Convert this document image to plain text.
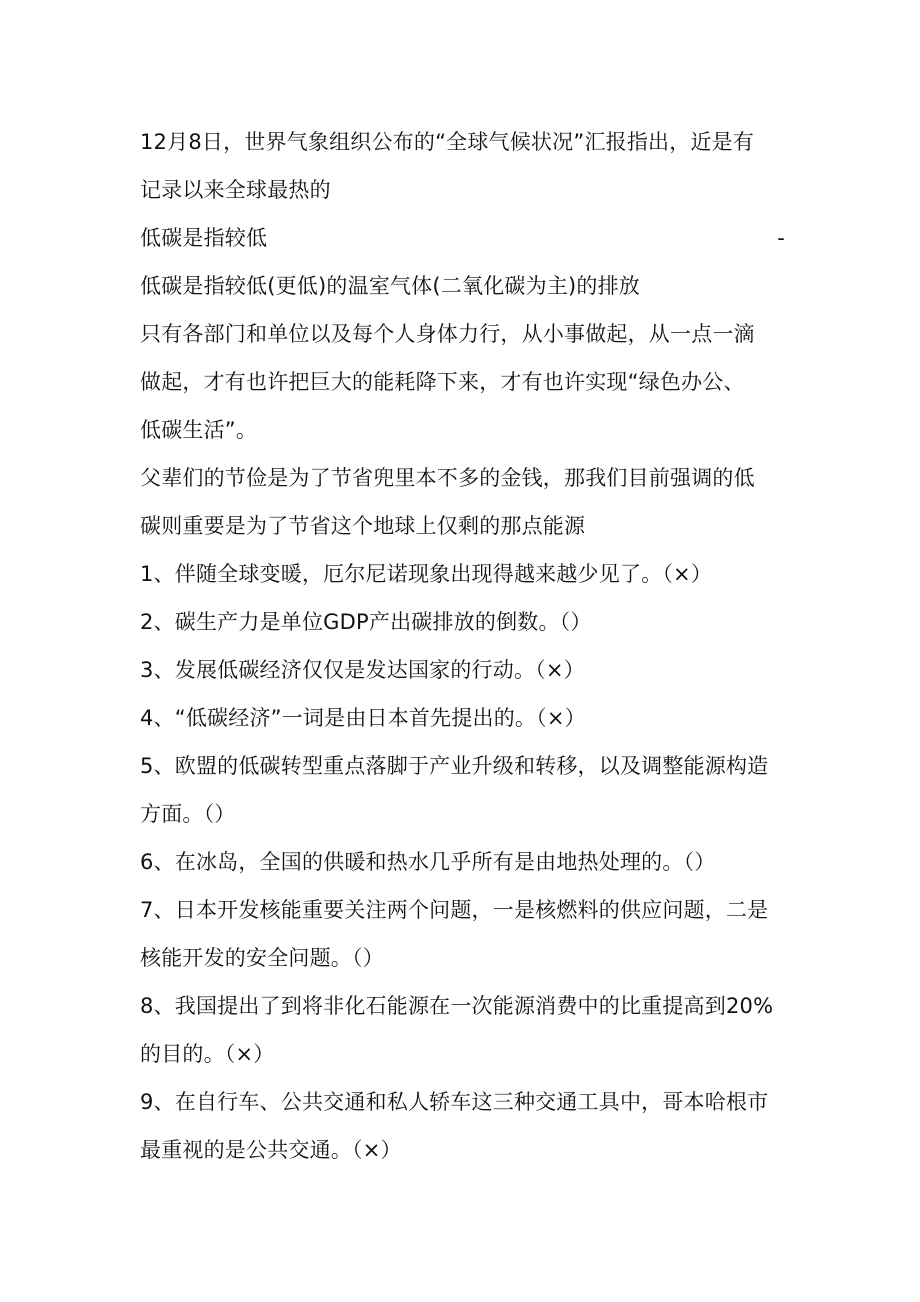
12月8日，世界气象组织公布的“全球气候状况”汇报指出，近是有
记录以来全球最热的
低碳是指较低	-
低碳是指较低(更低)的温室气体(二氧化碳为主)的排放
只有各部门和单位以及每个人身体力行，从小事做起，从一点一滴
做起，才有也许把巨大的能耗降下来，才有也许实现“绿色办公、
低碳生活”。
父辈们的节俭是为了节省兜里本不多的金钱，那我们目前强调的低
碳则重要是为了节省这个地球上仅剩的那点能源
1、伴随全球变暖，厄尔尼诺现象出现得越来越少见了。（×）
2、碳生产力是单位GDP产出碳排放的倒数。（）
3、发展低碳经济仅仅是发达国家的行动。（×）
4、“低碳经济”一词是由日本首先提出的。（×）
5、欧盟的低碳转型重点落脚于产业升级和转移，以及调整能源构造
方面。（）
6、在冰岛，全国的供暖和热水几乎所有是由地热处理的。（）
7、日本开发核能重要关注两个问题，一是核燃料的供应问题，二是
核能开发的安全问题。（）
8、我国提出了到将非化石能源在一次能源消费中的比重提高到20%
的目的。（×）
9、在自行车、公共交通和私人轿车这三种交通工具中，哥本哈根市
最重视的是公共交通。（×）
